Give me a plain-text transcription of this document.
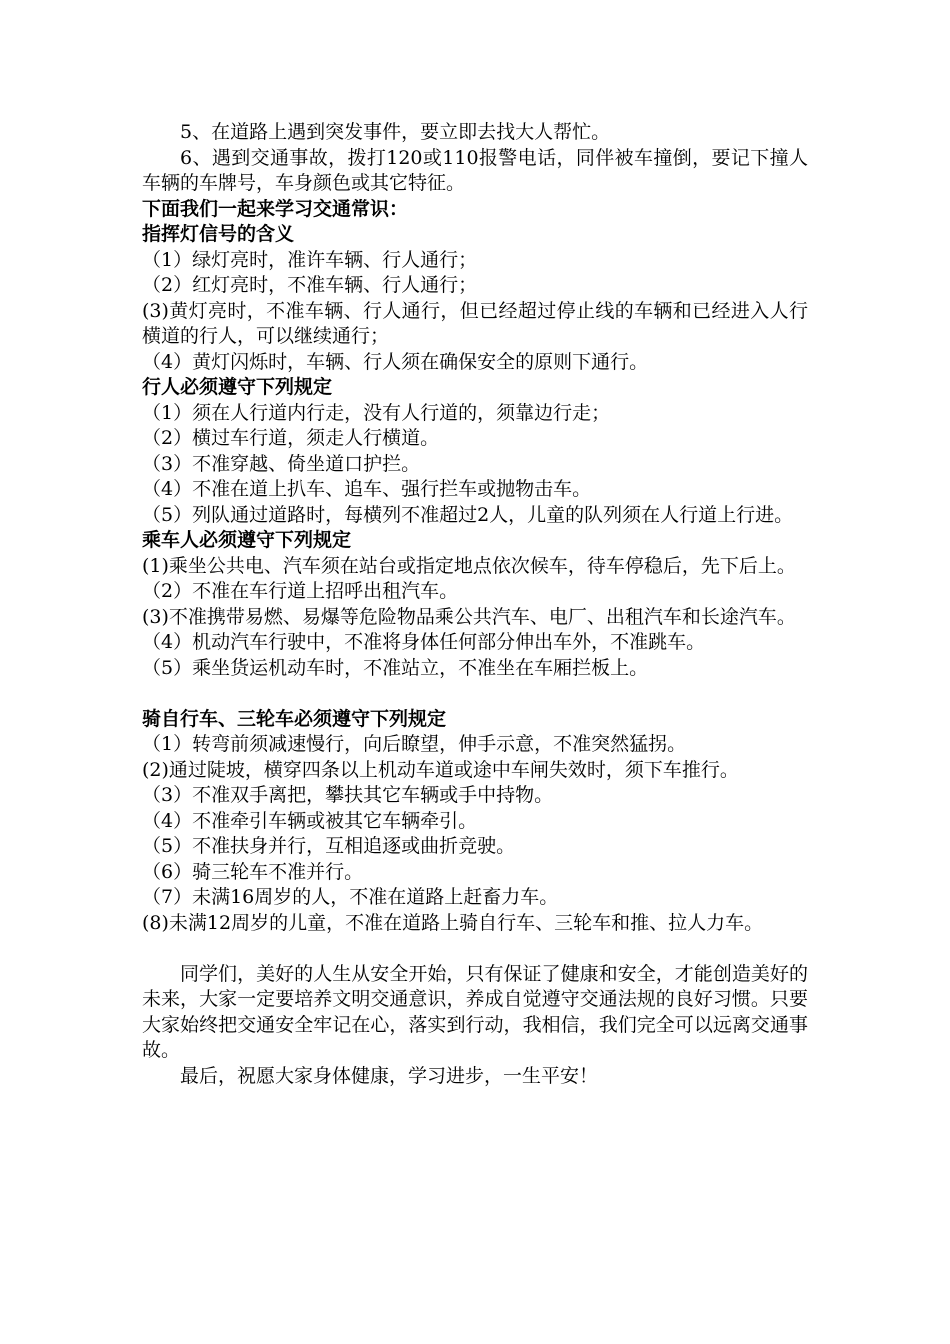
5、在道路上遇到突发事件，要立即去找大人帮忙。

6、遇到交通事故，拨打120或110报警电话，同伴被车撞倒，要记下撞人车辆的车牌号，车身颜色或其它特征。

下面我们一起来学习交通常识：

指挥灯信号的含义

（1）绿灯亮时，准许车辆、行人通行；

（2）红灯亮时，不准车辆、行人通行；

(3)黄灯亮时，不准车辆、行人通行，但已经超过停止线的车辆和已经进入人行横道的行人，可以继续通行；

（4）黄灯闪烁时，车辆、行人须在确保安全的原则下通行。

行人必须遵守下列规定

（1）须在人行道内行走，没有人行道的，须靠边行走；

（2）横过车行道，须走人行横道。

（3）不准穿越、倚坐道口护拦。

（4）不准在道上扒车、追车、强行拦车或抛物击车。

（5）列队通过道路时，每横列不准超过2人，儿童的队列须在人行道上行进。

乘车人必须遵守下列规定

(1)乘坐公共电、汽车须在站台或指定地点依次候车，待车停稳后，先下后上。

（2）不准在车行道上招呼出租汽车。

(3)不准携带易燃、易爆等危险物品乘公共汽车、电厂、出租汽车和长途汽车。

（4）机动汽车行驶中，不准将身体任何部分伸出车外，不准跳车。

（5）乘坐货运机动车时，不准站立，不准坐在车厢拦板上。

骑自行车、三轮车必须遵守下列规定

（1）转弯前须减速慢行，向后瞭望，伸手示意，不准突然猛拐。

(2)通过陡坡，横穿四条以上机动车道或途中车闸失效时，须下车推行。

（3）不准双手离把，攀扶其它车辆或手中持物。

（4）不准牵引车辆或被其它车辆牵引。

（5）不准扶身并行，互相追逐或曲折竞驶。

（6）骑三轮车不准并行。

（7）未满16周岁的人，不准在道路上赶畜力车。

(8)未满12周岁的儿童，不准在道路上骑自行车、三轮车和推、拉人力车。

同学们，美好的人生从安全开始，只有保证了健康和安全，才能创造美好的未来，大家一定要培养文明交通意识，养成自觉遵守交通法规的良好习惯。只要大家始终把交通安全牢记在心，落实到行动，我相信，我们完全可以远离交通事故。

最后，祝愿大家身体健康，学习进步，一生平安！
